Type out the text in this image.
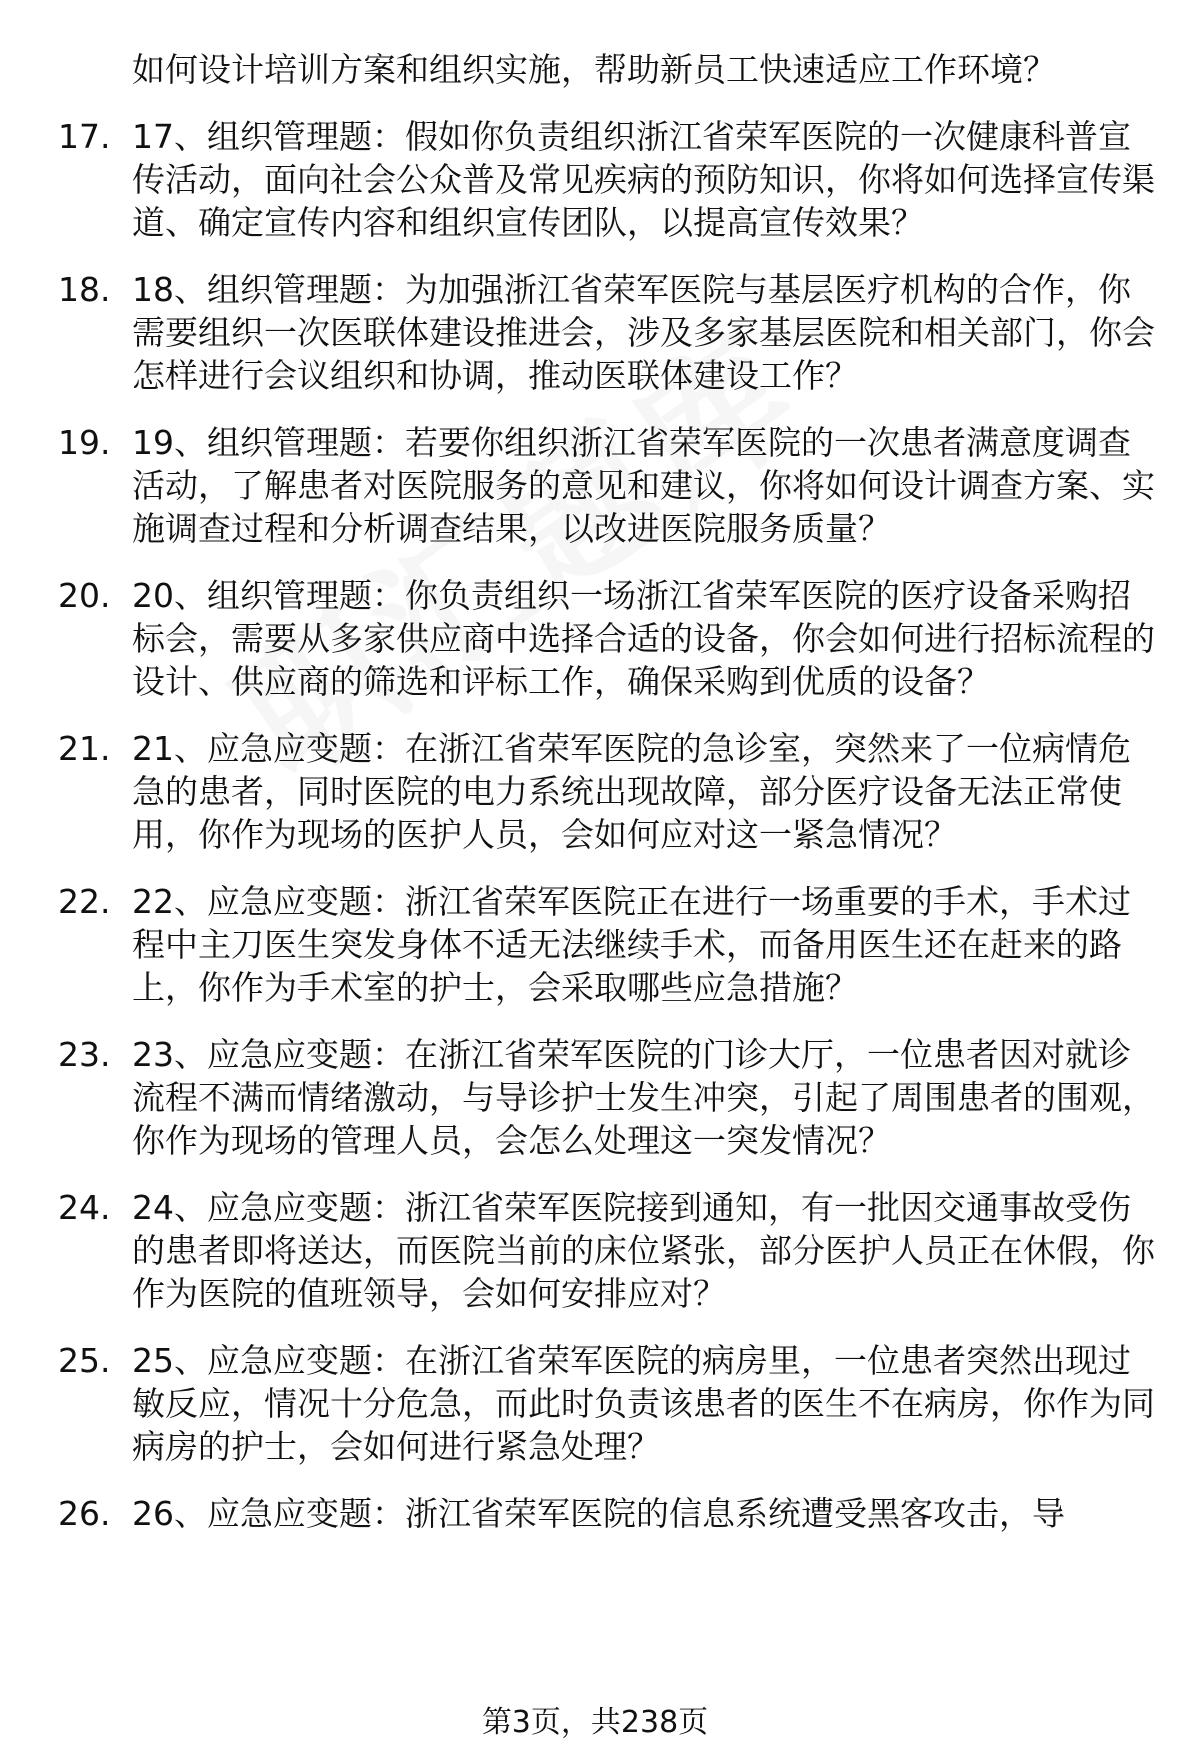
如何设计培训方案和组织实施，帮助新员工快速适应工作环境？
17. 17、组织管理题：假如你负责组织浙江省荣军医院的一次健康科普宣传活动，面向社会公众普及常见疾病的预防知识，你将如何选择宣传渠道、确定宣传内容和组织宣传团队，以提高宣传效果？
18. 18、组织管理题：为加强浙江省荣军医院与基层医疗机构的合作，你需要组织一次医联体建设推进会，涉及多家基层医院和相关部门，你会怎样进行会议组织和协调，推动医联体建设工作？
19. 19、组织管理题：若要你组织浙江省荣军医院的一次患者满意度调查活动，了解患者对医院服务的意见和建议，你将如何设计调查方案、实施调查过程和分析调查结果，以改进医院服务质量？
20. 20、组织管理题：你负责组织一场浙江省荣军医院的医疗设备采购招标会，需要从多家供应商中选择合适的设备，你会如何进行招标流程的设计、供应商的筛选和评标工作，确保采购到优质的设备？
21. 21、应急应变题：在浙江省荣军医院的急诊室，突然来了一位病情危急的患者，同时医院的电力系统出现故障，部分医疗设备无法正常使用，你作为现场的医护人员，会如何应对这一紧急情况？
22. 22、应急应变题：浙江省荣军医院正在进行一场重要的手术，手术过程中主刀医生突发身体不适无法继续手术，而备用医生还在赶来的路上，你作为手术室的护士，会采取哪些应急措施？
23. 23、应急应变题：在浙江省荣军医院的门诊大厅，一位患者因对就诊流程不满而情绪激动，与导诊护士发生冲突，引起了周围患者的围观，你作为现场的管理人员，会怎么处理这一突发情况？
24. 24、应急应变题：浙江省荣军医院接到通知，有一批因交通事故受伤的患者即将送达，而医院当前的床位紧张，部分医护人员正在休假，你作为医院的值班领导，会如何安排应对？
25. 25、应急应变题：在浙江省荣军医院的病房里，一位患者突然出现过敏反应，情况十分危急，而此时负责该患者的医生不在病房，你作为同病房的护士，会如何进行紧急处理？
26. 26、应急应变题：浙江省荣军医院的信息系统遭受黑客攻击，导
第3页，共238页
